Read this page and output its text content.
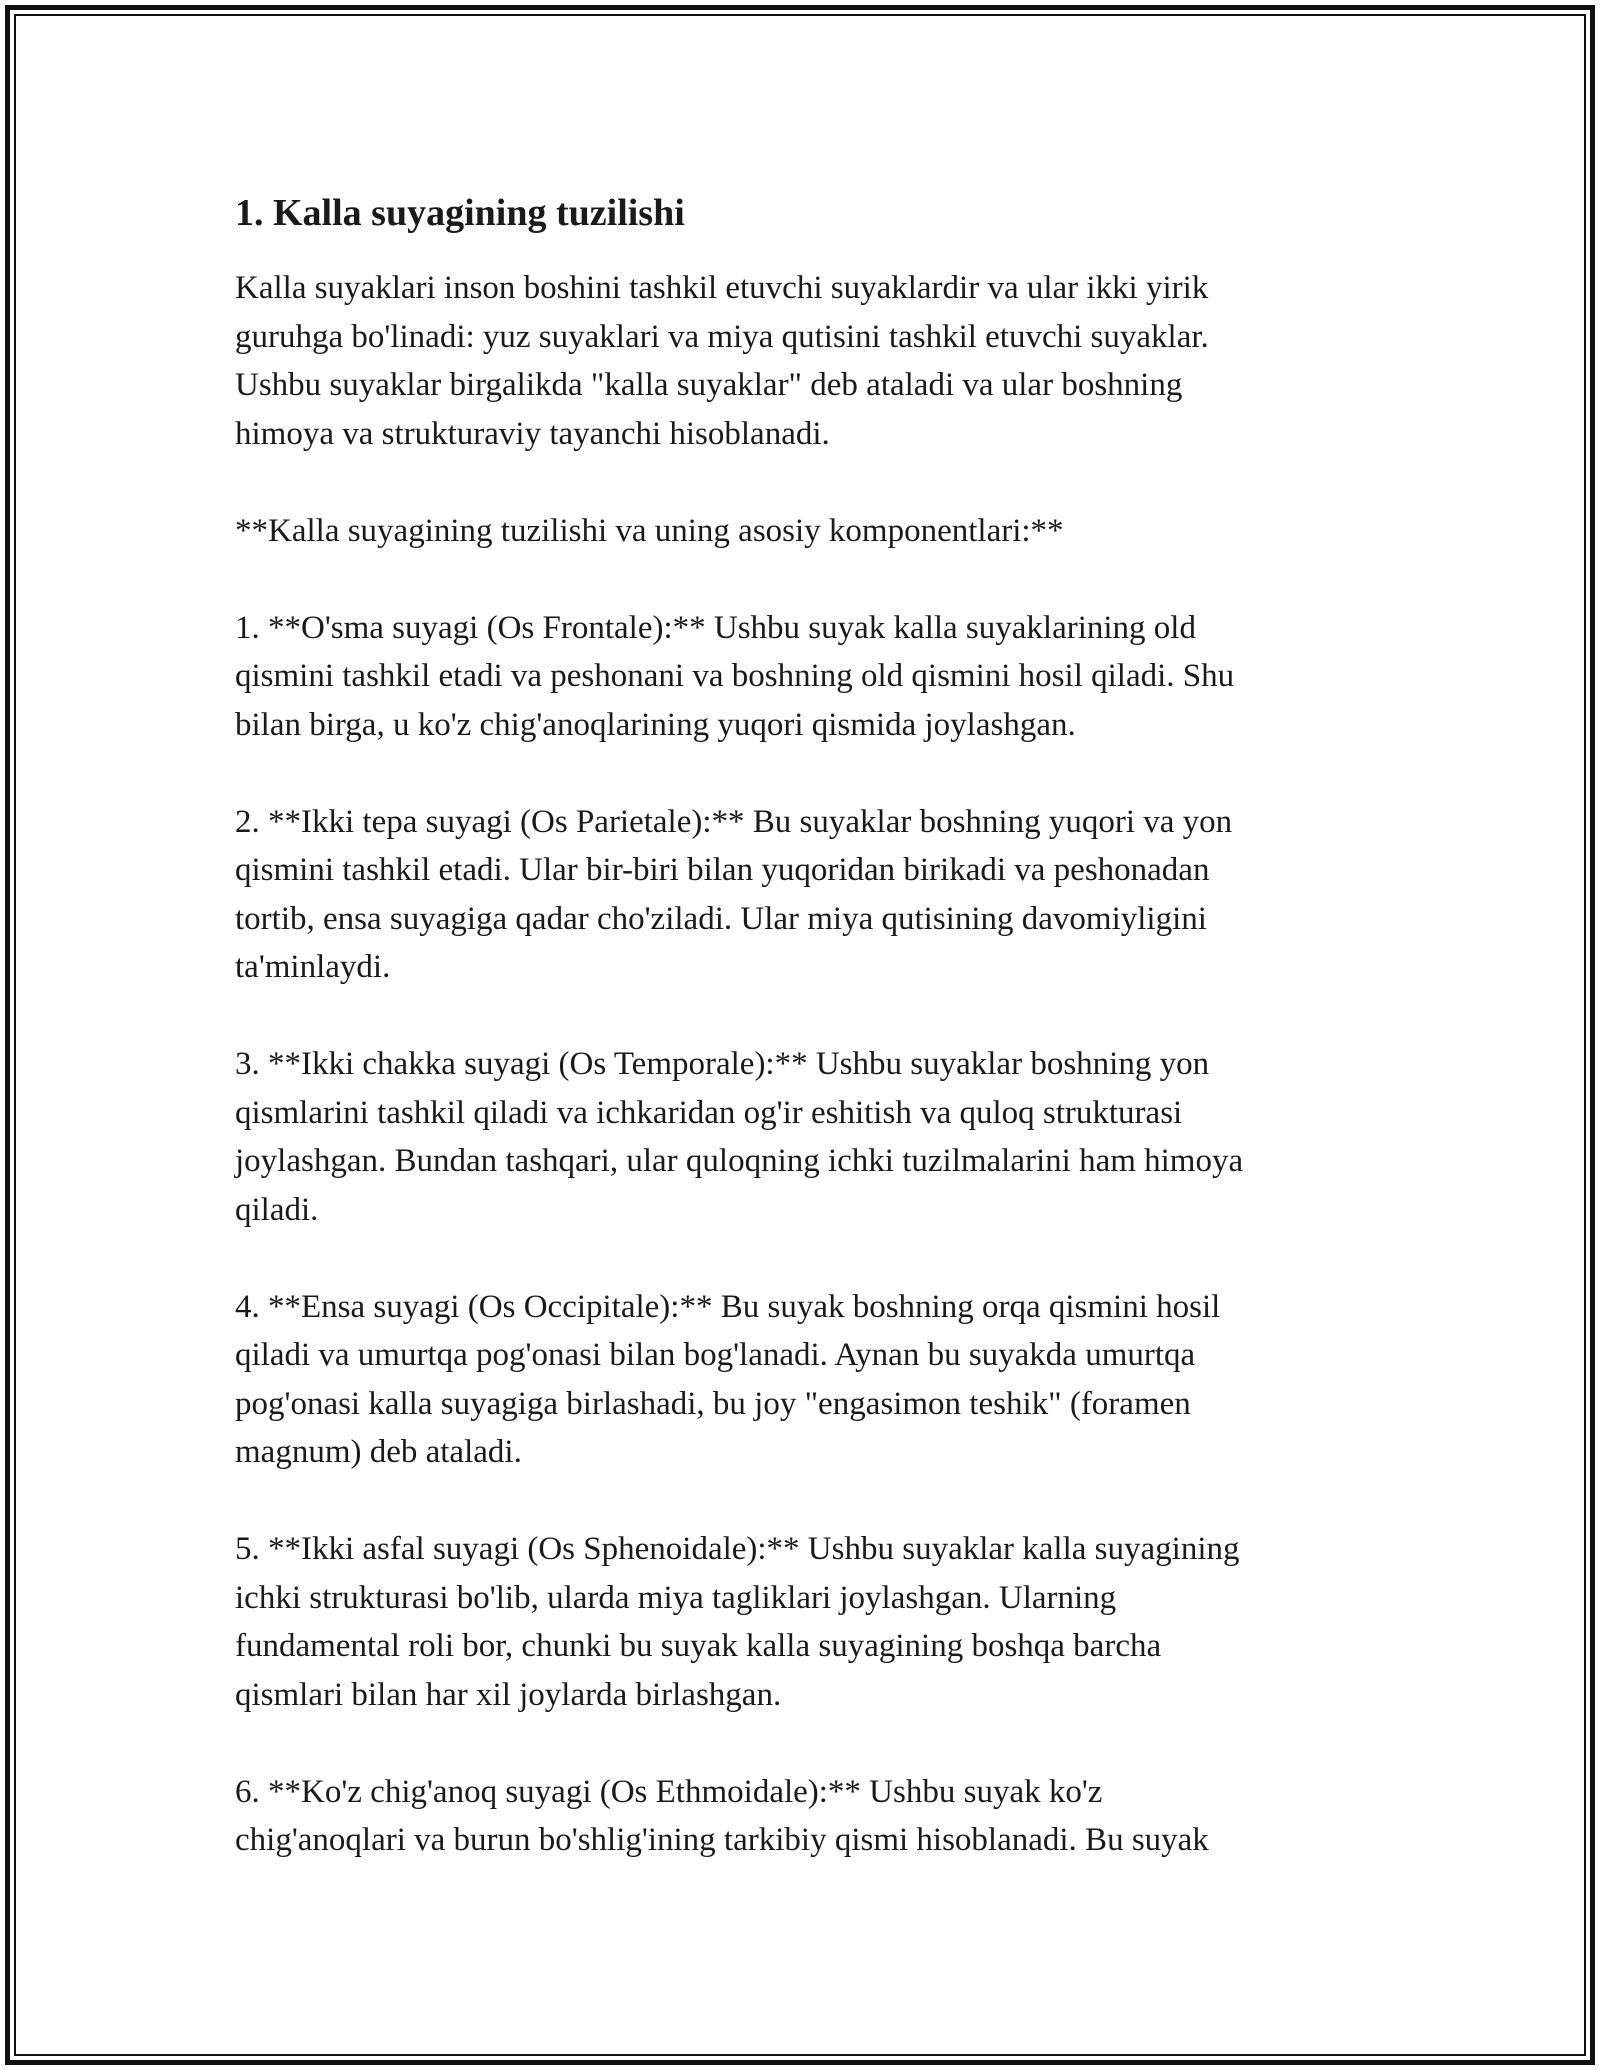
1. Kalla suyagining tuzilishi

Kalla suyaklari inson boshini tashkil etuvchi suyaklardir va ular ikki yirik
guruhga bo'linadi: yuz suyaklari va miya qutisini tashkil etuvchi suyaklar.
Ushbu suyaklar birgalikda "kalla suyaklar" deb ataladi va ular boshning
himoya va strukturaviy tayanchi hisoblanadi.

**Kalla suyagining tuzilishi va uning asosiy komponentlari:**

1. **O'sma suyagi (Os Frontale):** Ushbu suyak kalla suyaklarining old
qismini tashkil etadi va peshonani va boshning old qismini hosil qiladi. Shu
bilan birga, u ko'z chig'anoqlarining yuqori qismida joylashgan.

2. **Ikki tepa suyagi (Os Parietale):** Bu suyaklar boshning yuqori va yon
qismini tashkil etadi. Ular bir-biri bilan yuqoridan birikadi va peshonadan
tortib, ensa suyagiga qadar cho'ziladi. Ular miya qutisining davomiyligini
ta'minlaydi.

3. **Ikki chakka suyagi (Os Temporale):** Ushbu suyaklar boshning yon
qismlarini tashkil qiladi va ichkaridan og'ir eshitish va quloq strukturasi
joylashgan. Bundan tashqari, ular quloqning ichki tuzilmalarini ham himoya
qiladi.

4. **Ensa suyagi (Os Occipitale):** Bu suyak boshning orqa qismini hosil
qiladi va umurtqa pog'onasi bilan bog'lanadi. Aynan bu suyakda umurtqa
pog'onasi kalla suyagiga birlashadi, bu joy "engasimon teshik" (foramen
magnum) deb ataladi.

5. **Ikki asfal suyagi (Os Sphenoidale):** Ushbu suyaklar kalla suyagining
ichki strukturasi bo'lib, ularda miya tagliklari joylashgan. Ularning
fundamental roli bor, chunki bu suyak kalla suyagining boshqa barcha
qismlari bilan har xil joylarda birlashgan.

6. **Ko'z chig'anoq suyagi (Os Ethmoidale):** Ushbu suyak ko'z
chig'anoqlari va burun bo'shlig'ining tarkibiy qismi hisoblanadi. Bu suyak
